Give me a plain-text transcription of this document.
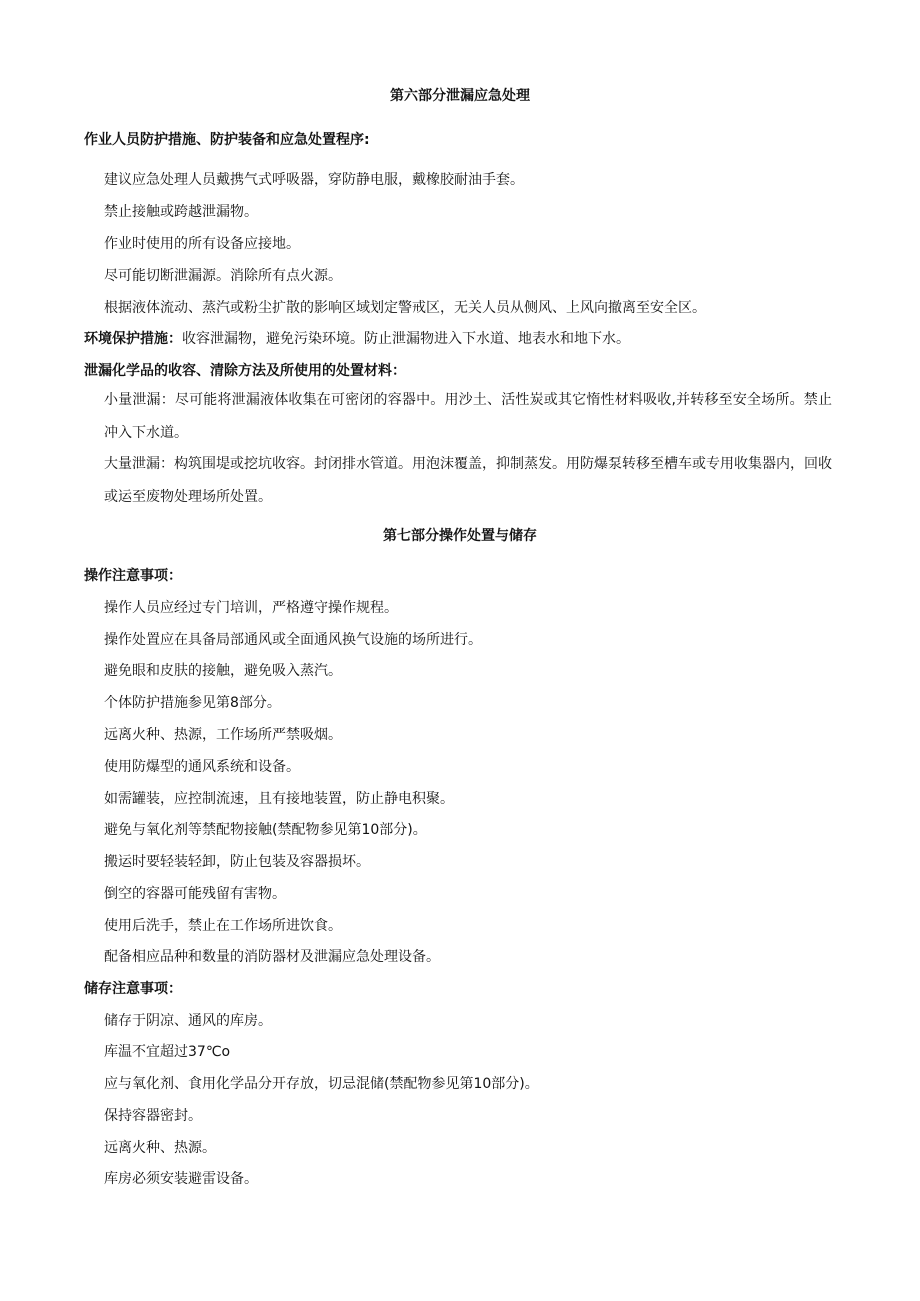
第六部分泄漏应急处理
作业人员防护措施、防护装备和应急处置程序:
建议应急处理人员戴携气式呼吸器，穿防静电服，戴橡胶耐油手套。
禁止接触或跨越泄漏物。
作业时使用的所有设备应接地。
尽可能切断泄漏源。消除所有点火源。
根据液体流动、蒸汽或粉尘扩散的影响区域划定警戒区，无关人员从侧风、上风向撤离至安全区。
环境保护措施：收容泄漏物，避免污染环境。防止泄漏物进入下水道、地表水和地下水。
泄漏化学品的收容、清除方法及所使用的处置材料：
小量泄漏：尽可能将泄漏液体收集在可密闭的容器中。用沙土、活性炭或其它惰性材料吸收,并转移至安全场所。禁止冲入下水道。
大量泄漏：构筑围堤或挖坑收容。封闭排水管道。用泡沫覆盖，抑制蒸发。用防爆泵转移至槽车或专用收集器内，回收或运至废物处理场所处置。
第七部分操作处置与储存
操作注意事项：
操作人员应经过专门培训，严格遵守操作规程。
操作处置应在具备局部通风或全面通风换气设施的场所进行。
避免眼和皮肤的接触，避免吸入蒸汽。
个体防护措施参见第8部分。
远离火种、热源，工作场所严禁吸烟。
使用防爆型的通风系统和设备。
如需罐装，应控制流速，且有接地装置，防止静电积聚。
避免与氧化剂等禁配物接触(禁配物参见第10部分)。
搬运时要轻装轻卸，防止包装及容器损坏。
倒空的容器可能残留有害物。
使用后洗手，禁止在工作场所进饮食。
配备相应品种和数量的消防器材及泄漏应急处理设备。
储存注意事项：
储存于阴凉、通风的库房。
库温不宜超过37℃o
应与氧化剂、食用化学品分开存放，切忌混储(禁配物参见第10部分)。
保持容器密封。
远离火种、热源。
库房必须安装避雷设备。
